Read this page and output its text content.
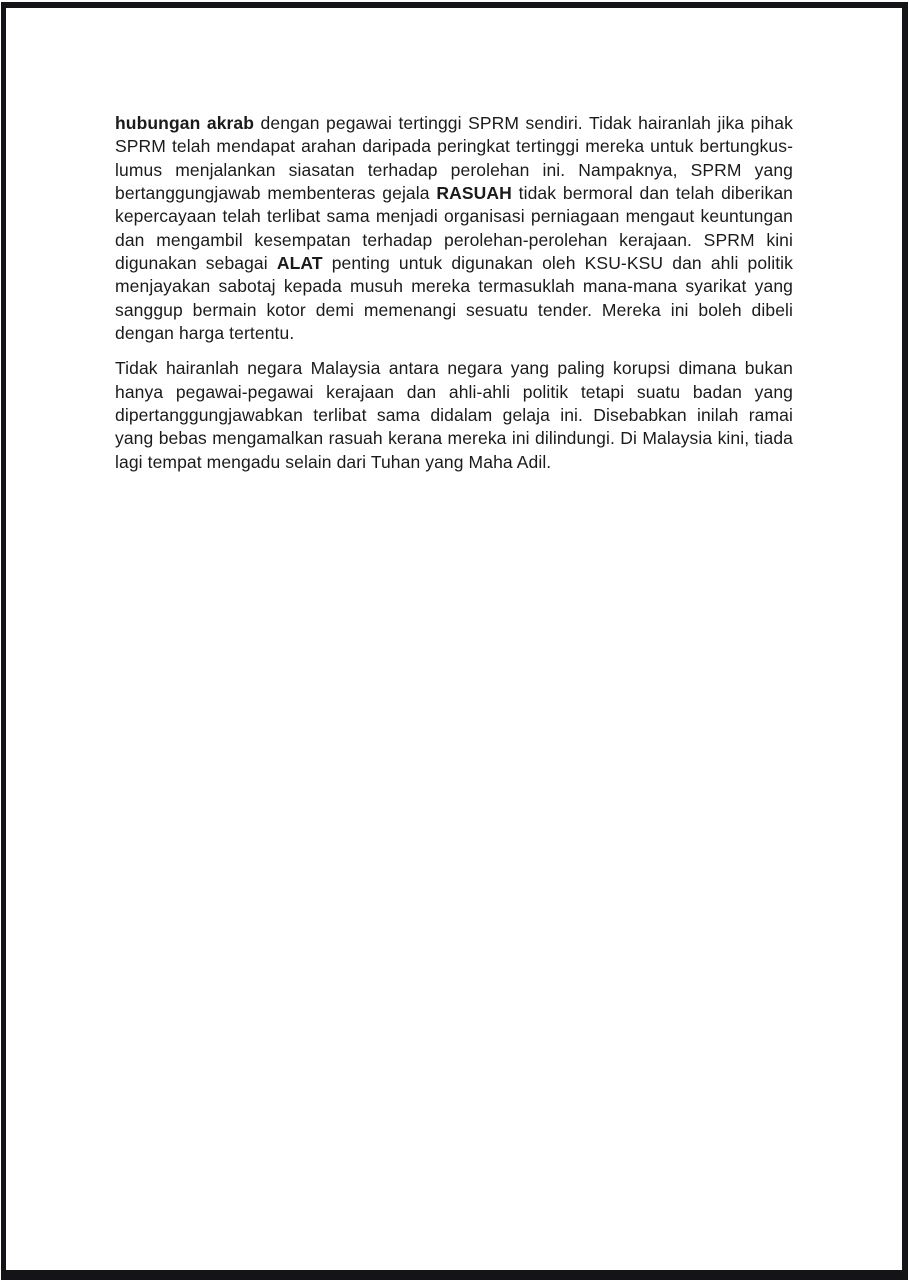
hubungan akrab dengan pegawai tertinggi SPRM sendiri. Tidak hairanlah jika pihak
SPRM telah mendapat arahan daripada peringkat tertinggi mereka untuk bertungkus-
lumus menjalankan siasatan terhadap perolehan ini. Nampaknya, SPRM yang
bertanggungjawab membenteras gejala RASUAH tidak bermoral dan telah diberikan
kepercayaan telah terlibat sama menjadi organisasi perniagaan mengaut keuntungan
dan mengambil kesempatan terhadap perolehan-perolehan kerajaan. SPRM kini
digunakan sebagai ALAT penting untuk digunakan oleh KSU-KSU dan ahli politik
menjayakan sabotaj kepada musuh mereka termasuklah mana-mana syarikat yang
sanggup bermain kotor demi memenangi sesuatu tender. Mereka ini boleh dibeli
dengan harga tertentu.

Tidak hairanlah negara Malaysia antara negara yang paling korupsi dimana bukan
hanya pegawai-pegawai kerajaan dan ahli-ahli politik tetapi suatu badan yang
dipertanggungjawabkan terlibat sama didalam gelaja ini. Disebabkan inilah ramai
yang bebas mengamalkan rasuah kerana mereka ini dilindungi. Di Malaysia kini, tiada
lagi tempat mengadu selain dari Tuhan yang Maha Adil.
